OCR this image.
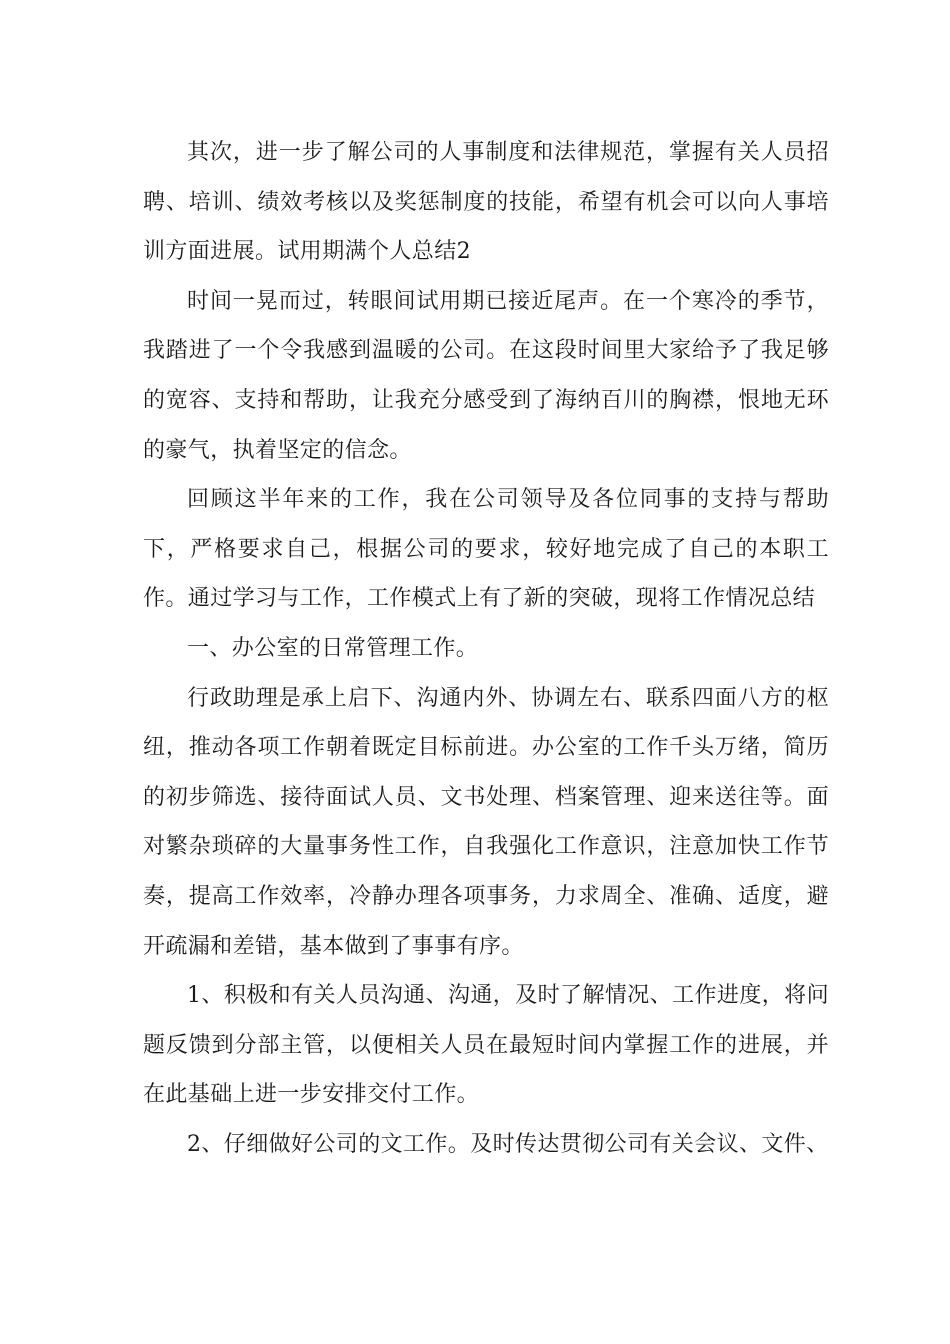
其次，进一步了解公司的人事制度和法律规范，掌握有关人员招聘、培训、绩效考核以及奖惩制度的技能，希望有机会可以向人事培训方面进展。试用期满个人总结2

时间一晃而过，转眼间试用期已接近尾声。在一个寒冷的季节，我踏进了一个令我感到温暖的公司。在这段时间里大家给予了我足够的宽容、支持和帮助，让我充分感受到了海纳百川的胸襟，恨地无环的豪气，执着坚定的信念。

回顾这半年来的工作，我在公司领导及各位同事的支持与帮助下，严格要求自己，根据公司的要求，较好地完成了自己的本职工作。通过学习与工作，工作模式上有了新的突破，现将工作情况总结

一、办公室的日常管理工作。

行政助理是承上启下、沟通内外、协调左右、联系四面八方的枢纽，推动各项工作朝着既定目标前进。办公室的工作千头万绪，简历的初步筛选、接待面试人员、文书处理、档案管理、迎来送往等。面对繁杂琐碎的大量事务性工作，自我强化工作意识，注意加快工作节奏，提高工作效率，冷静办理各项事务，力求周全、准确、适度，避开疏漏和差错，基本做到了事事有序。

1、积极和有关人员沟通、沟通，及时了解情况、工作进度，将问题反馈到分部主管，以便相关人员在最短时间内掌握工作的进展，并在此基础上进一步安排交付工作。

2、仔细做好公司的文工作。及时传达贯彻公司有关会议、文件、
